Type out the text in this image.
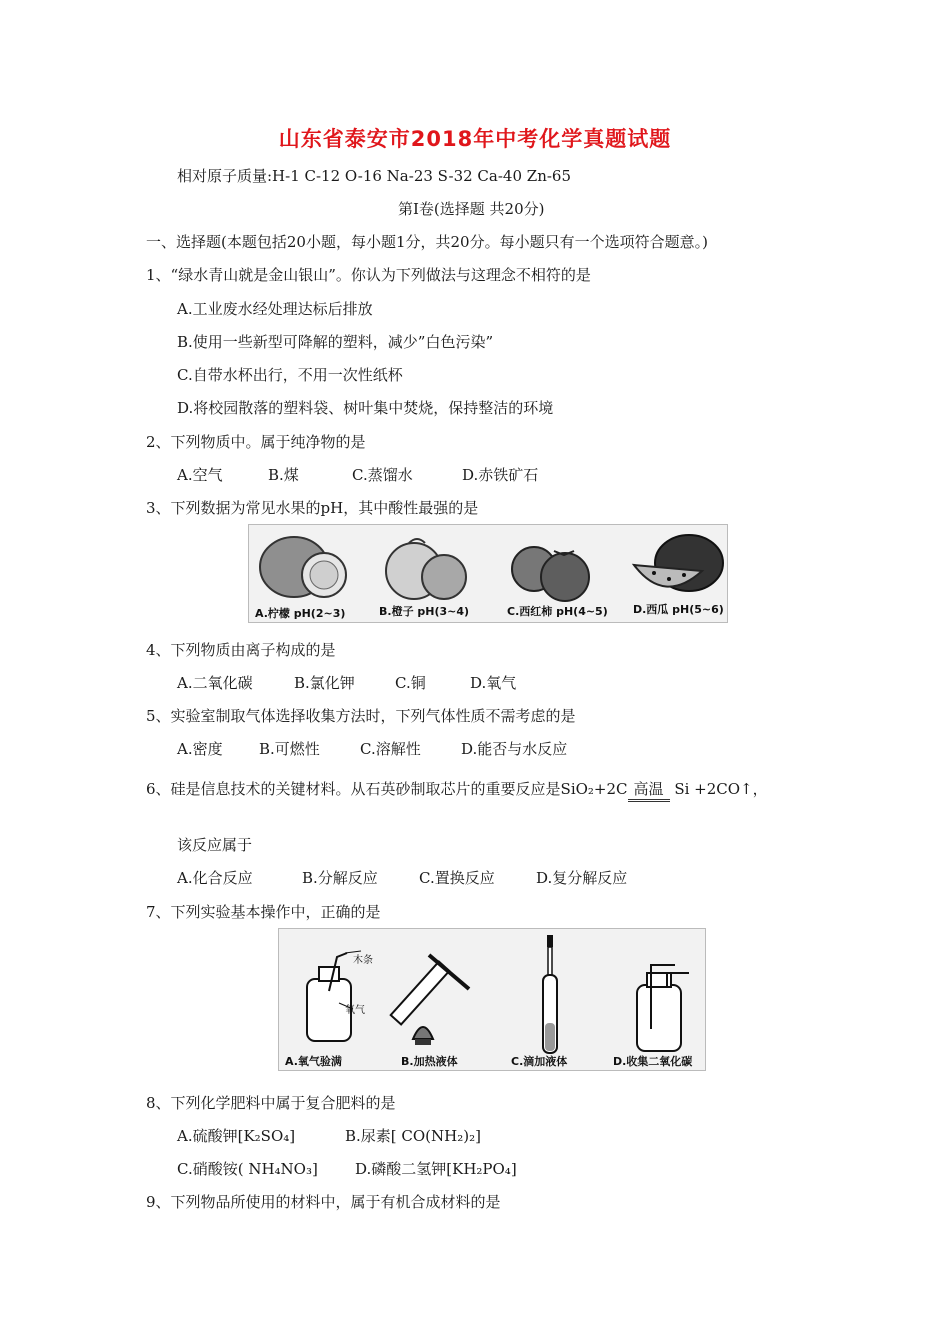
山东省泰安市2018年中考化学真题试题
相对原子质量:H-1 C-12 O-16 Na-23 S-32 Ca-40 Zn-65
第Ⅰ卷(选择题 共20分)
一、选择题(本题包括20小题，每小题1分，共20分。每小题只有一个选项符合题意。)
1、“绿水青山就是金山银山”。你认为下列做法与这理念不相符的是
A.工业废水经处理达标后排放
B.使用一些新型可降解的塑料，减少”白色污染”
C.自带水杯出行，不用一次性纸杯
D.将校园散落的塑料袋、树叶集中焚烧，保持整洁的环境
2、下列物质中。属于纯净物的是
A.空气	B.煤	C.蒸馏水	D.赤铁矿石
3、下列数据为常见水果的pH，其中酸性最强的是
A.柠檬 pH(2~3)	B.橙子 pH(3~4)	C.西红柿 pH(4~5) D.西瓜 pH(5~6)
4、下列物质由离子构成的是
A.二氧化碳	B.氯化钾	C.铜	D.氧气
5、实验室制取气体选择收集方法时，下列气体性质不需考虑的是
A.密度 B.可燃性	C.溶解性	D.能否与水反应
6、硅是信息技术的关键材料。从石英砂制取芯片的重要反应是SiO₂+2C 高温 Si +2CO↑，
该反应属于
A.化合反应	B.分解反应	C.置换反应	D.复分解反应
7、下列实验基本操作中，正确的是
木条
氧气
A.氧气验满	B.加热液体	C.滴加液体	D.收集二氧化碳
8、下列化学肥料中属于复合肥料的是
A.硫酸钾[K₂SO₄]	B.尿素[ CO(NH₂)₂]
C.硝酸铵( NH₄NO₃] D.磷酸二氢钾[KH₂PO₄]
9、下列物品所使用的材料中，属于有机合成材料的是
